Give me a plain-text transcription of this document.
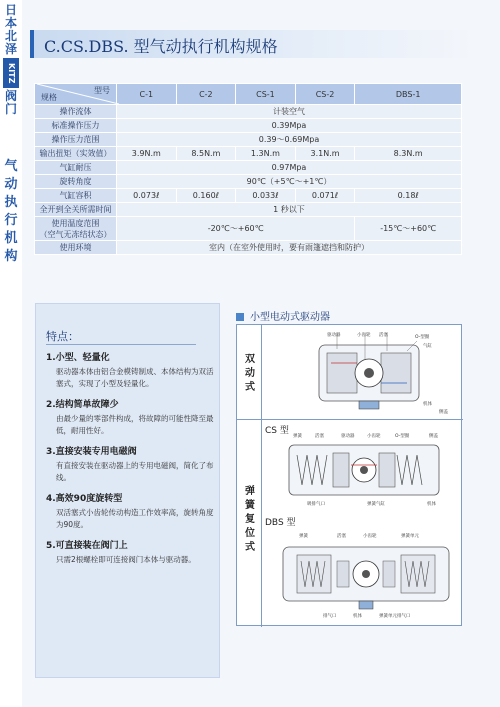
日
本
北
泽
KITZ
阀
门
气
动
执
行
机
构
C.CS.DBS. 型气动执行机构规格
型号
规格	C-1	C-2	CS-1	CS-2	DBS-1
操作流体	计装空气				
标准操作压力	0.39Mpa				
操作压力范围	0.39～0.69Mpa				
输出扭矩（实效值）	3.9N.m	8.5N.m	1.3N.m	3.1N.m	8.3N.m
气缸耐压	0.97Mpa				
旋转角度	90℃（+5℃～+1℃）				
气缸容积	0.073ℓ	0.160ℓ	0.033ℓ	0.071ℓ	0.18ℓ
全开到全关所需时间	1 秒以下				

使用温度范围
（空气无冻结状态）	-20℃～+60℃				-15℃～+60℃
使用环境	室内（在室外使用时，要有雨篷遮挡和防护）				
特点：
1.小型、轻量化
驱动器本体由铝合金模铸制成、本体结构为双活塞式，实现了小型及轻量化。
2.结构简单故障少
由最少量的零部件构成，将故障的可能性降至最低，耐用性好。
3.直接安装专用电磁阀
有直接安装在驱动器上的专用电磁阀，简化了布线。
4.高效90度旋转型
双活塞式小齿轮传动构造工作效率高，旋转角度为90度。
5.可直接装在阀门上
只需2根螺栓即可连接阀门本体与驱动器。
小型电动式驱动器
双
动
式
弹
簧
复
位
式
CS 型
DBS 型
驱动器	小齿轮 活塞	O-型圈
气缸
机体
侧盖
弹簧	活塞	驱动器	小齿轮	O-型圈	侧盖
机体
弹簧气缸
吸排气口
弹簧	活塞	小齿轮	弹簧单元
排气口	机体	弹簧单元排气口
